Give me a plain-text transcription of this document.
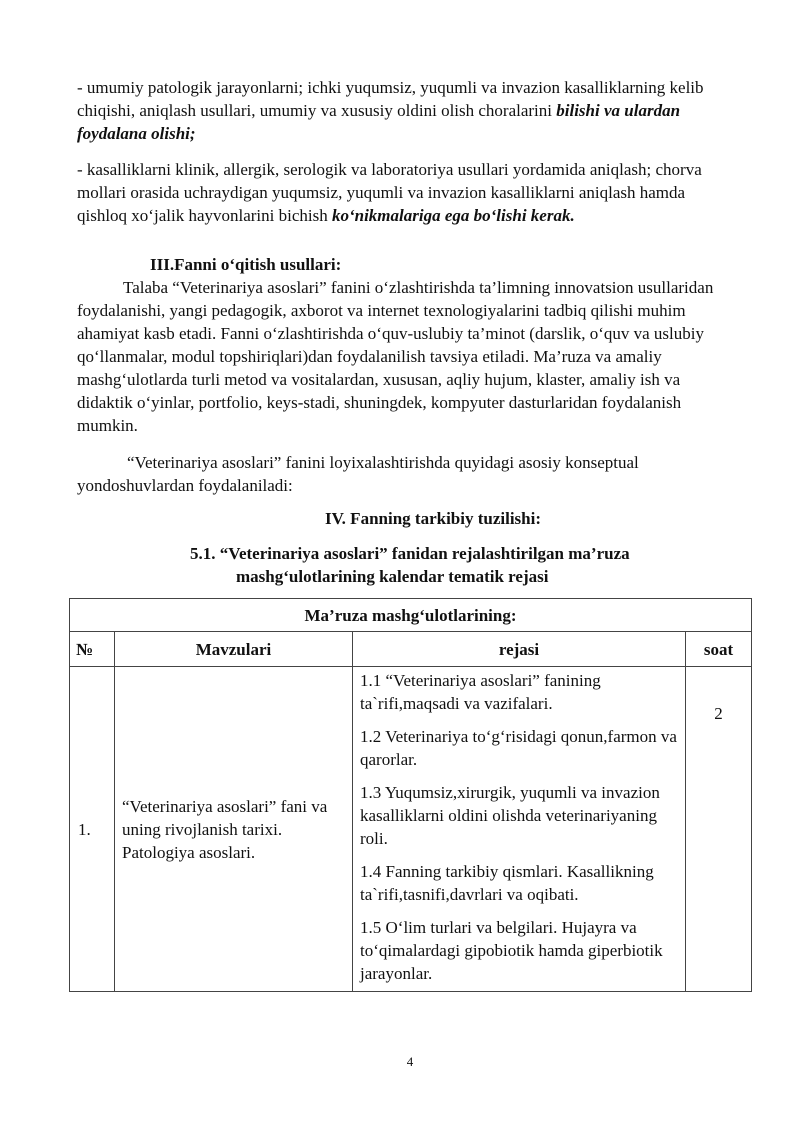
- umumiy patologik jarayonlarni; ichki yuqumsiz, yuqumli va invazion kasalliklarning kelib chiqishi, aniqlash usullari, umumiy va xususiy oldini olish choralarini bilishi va ulardan foydalana olishi;

- kasalliklarni klinik, allergik, serologik va laboratoriya usullari yordamida aniqlash; chorva mollari orasida uchraydigan yuqumsiz, yuqumli va invazion kasalliklarni aniqlash hamda qishloq xo‘jalik hayvonlarini bichish ko‘nikmalariga ega bo‘lishi kerak.

III.Fanni o‘qitish usullari:

Talaba “Veterinariya asoslari” fanini o‘zlashtirishda ta’limning innovatsion usullaridan foydalanishi, yangi pedagogik, axborot va internet texnologiyalarini tadbiq qilishi muhim ahamiyat kasb etadi. Fanni o‘zlashtirishda o‘quv-uslubiy ta’minot (darslik, o‘quv va uslubiy qo‘llanmalar, modul topshiriqlari)dan foydalanilish tavsiya etiladi. Ma’ruza va amaliy mashg‘ulotlarda turli metod va vositalardan, xususan, aqliy hujum, klaster, amaliy ish va didaktik o‘yinlar, portfolio, keys-stadi, shuningdek, kompyuter dasturlaridan foydalanish mumkin.

“Veterinariya asoslari” fanini loyixalashtirishda quyidagi asosiy konseptual yondoshuvlardan foydalaniladi:

IV. Fanning tarkibiy tuzilishi:

5.1. “Veterinariya asoslari” fanidan rejalashtirilgan ma’ruza

mashg‘ulotlarining kalendar tematik rejasi

Ma’ruza mashg‘ulotlarining:			
№	Mavzulari	rejasi	soat
1.	“Veterinariya asoslari” fani va uning rivojlanish tarixi. Patologiya asoslari.	1.1 “Veterinariya asoslari” fanining ta`rifi,maqsadi va vazifalari.

1.2 Veterinariya to‘g‘risidagi qonun,farmon va qarorlar.

1.3 Yuqumsiz,xirurgik, yuqumli va invazion kasalliklarni oldini olishda veterinariyaning roli.

1.4 Fanning tarkibiy qismlari. Kasallikning ta`rifi,tasnifi,davrlari va oqibati.

1.5 O‘lim turlari va belgilari. Hujayra va to‘qimalardagi gipobiotik hamda giperbiotik jarayonlar.	2
4
